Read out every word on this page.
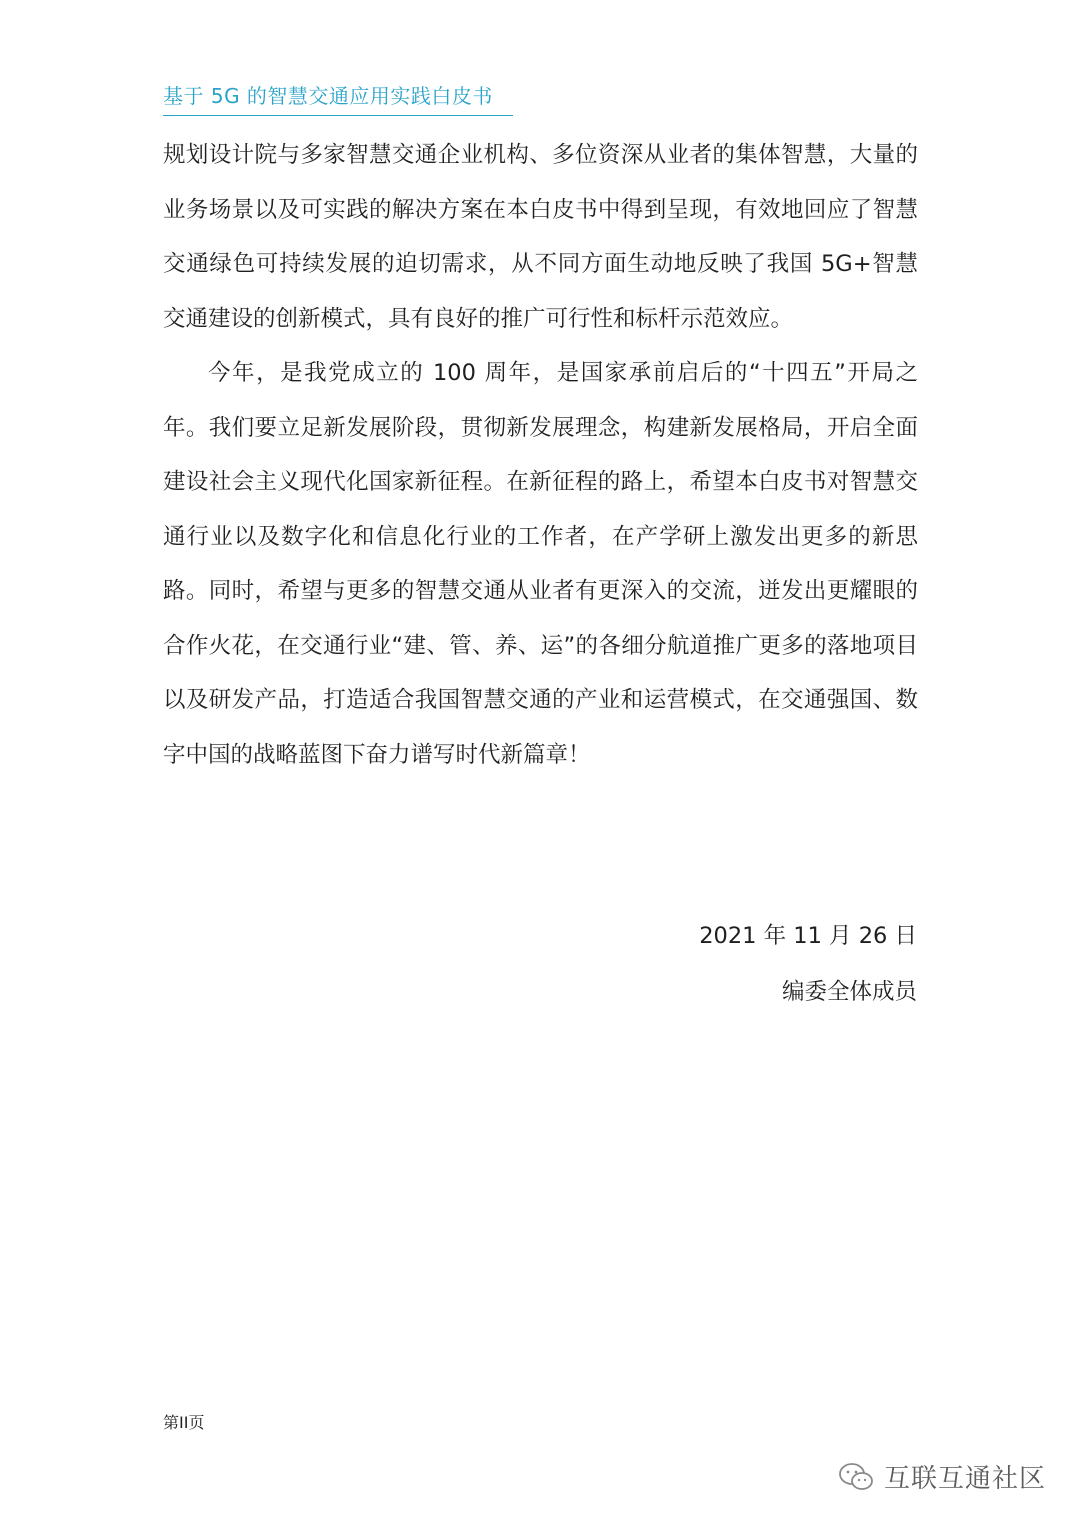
基于 5G 的智慧交通应用实践白皮书

规划设计院与多家智慧交通企业机构、多位资深从业者的集体智慧，大量的业务场景以及可实践的解决方案在本白皮书中得到呈现，有效地回应了智慧交通绿色可持续发展的迫切需求，从不同方面生动地反映了我国 5G+智慧交通建设的创新模式，具有良好的推广可行性和标杆示范效应。

今年，是我党成立的 100 周年，是国家承前启后的“十四五”开局之年。我们要立足新发展阶段，贯彻新发展理念，构建新发展格局，开启全面建设社会主义现代化国家新征程。在新征程的路上，希望本白皮书对智慧交通行业以及数字化和信息化行业的工作者，在产学研上激发出更多的新思路。同时，希望与更多的智慧交通从业者有更深入的交流，迸发出更耀眼的合作火花，在交通行业“建、管、养、运”的各细分航道推广更多的落地项目以及研发产品，打造适合我国智慧交通的产业和运营模式，在交通强国、数字中国的战略蓝图下奋力谱写时代新篇章！

2021 年 11 月 26 日
编委全体成员
第II页
互联互通社区
